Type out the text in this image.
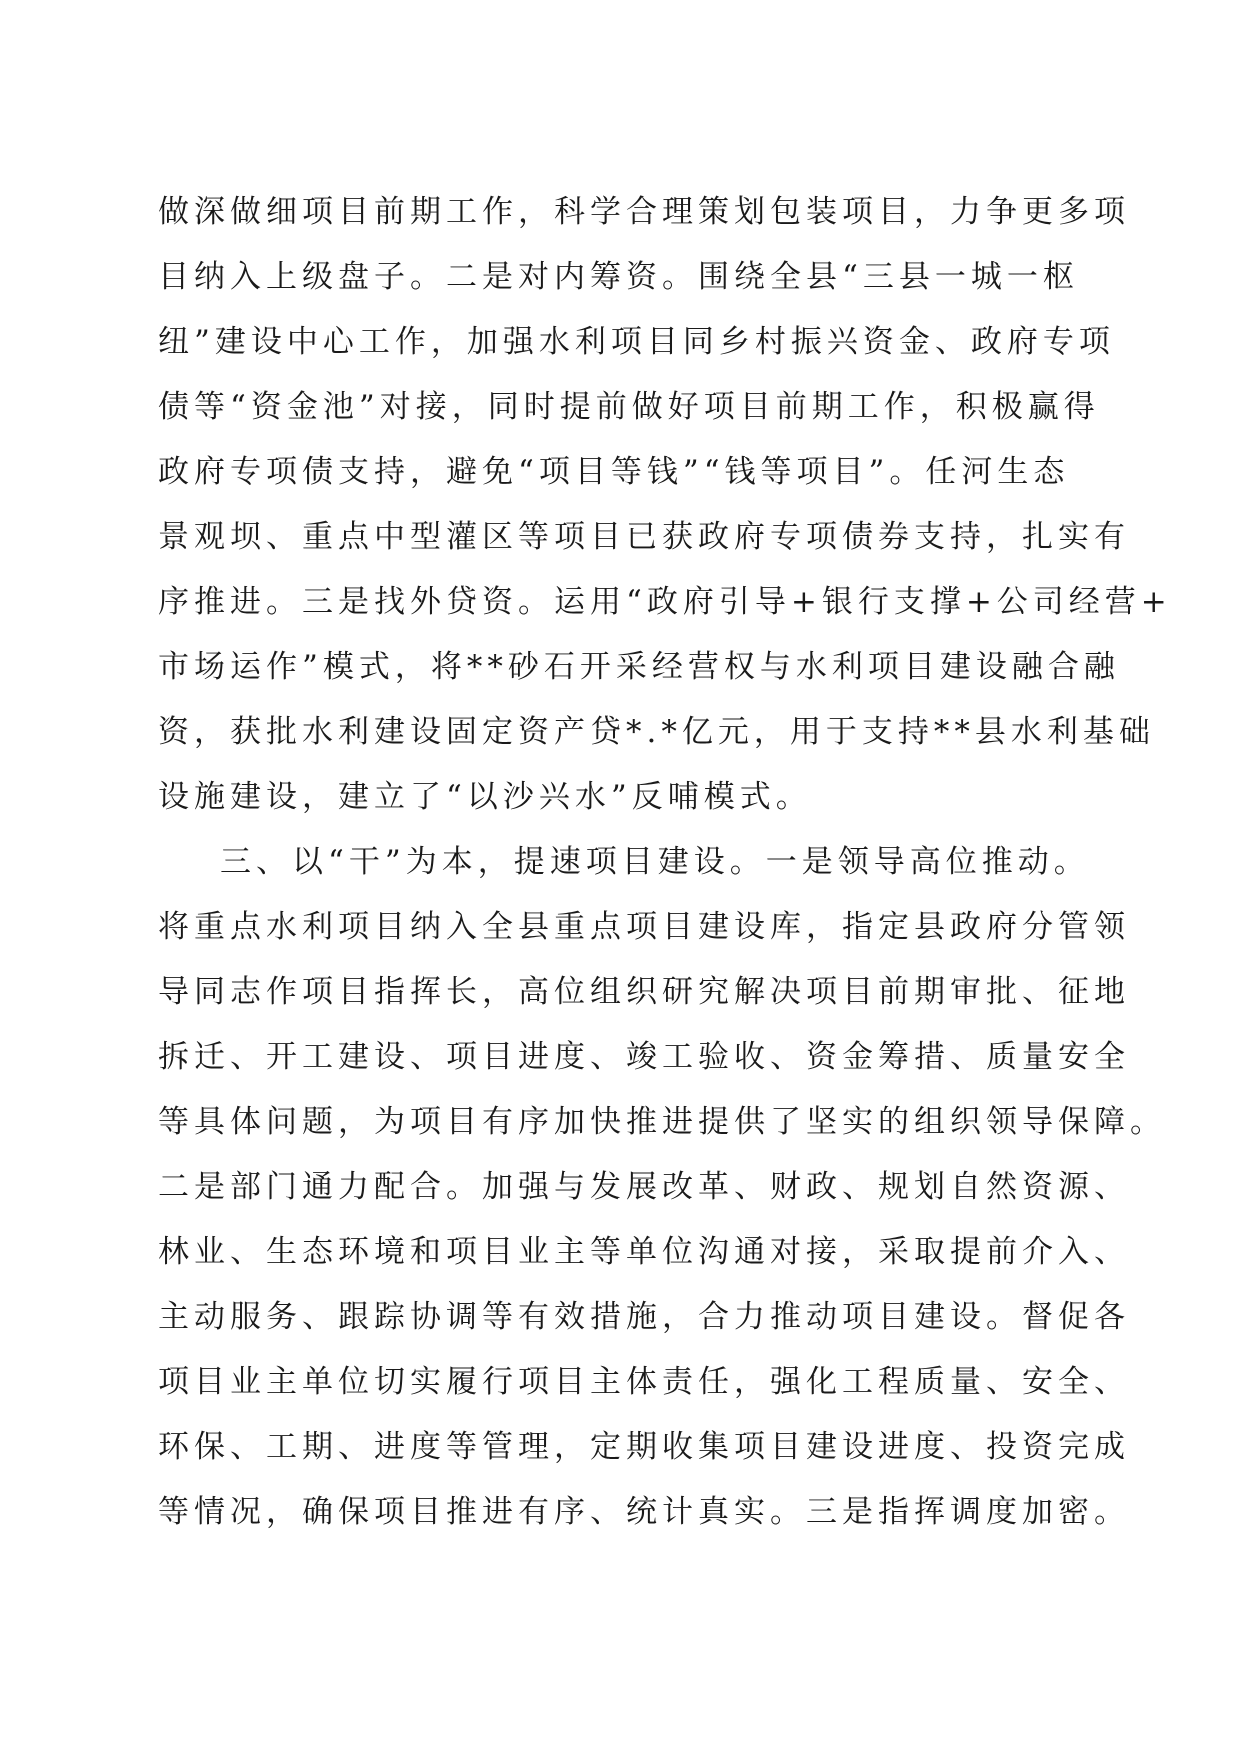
做深做细项目前期工作，科学合理策划包装项目，力争更多项
目纳入上级盘子。二是对内筹资。围绕全县“三县一城一枢
纽”建设中心工作，加强水利项目同乡村振兴资金、政府专项
债等“资金池”对接，同时提前做好项目前期工作，积极赢得
政府专项债支持，避免“项目等钱”“钱等项目”。任河生态
景观坝、重点中型灌区等项目已获政府专项债券支持，扎实有
序推进。三是找外贷资。运用“政府引导+银行支撑+公司经营+
市场运作”模式，将**砂石开采经营权与水利项目建设融合融
资，获批水利建设固定资产贷*.*亿元，用于支持**县水利基础
设施建设，建立了“以沙兴水”反哺模式。
三、以“干”为本，提速项目建设。一是领导高位推动。
将重点水利项目纳入全县重点项目建设库，指定县政府分管领
导同志作项目指挥长，高位组织研究解决项目前期审批、征地
拆迁、开工建设、项目进度、竣工验收、资金筹措、质量安全
等具体问题，为项目有序加快推进提供了坚实的组织领导保障。
二是部门通力配合。加强与发展改革、财政、规划自然资源、
林业、生态环境和项目业主等单位沟通对接，采取提前介入、
主动服务、跟踪协调等有效措施，合力推动项目建设。督促各
项目业主单位切实履行项目主体责任，强化工程质量、安全、
环保、工期、进度等管理，定期收集项目建设进度、投资完成
等情况，确保项目推进有序、统计真实。三是指挥调度加密。
